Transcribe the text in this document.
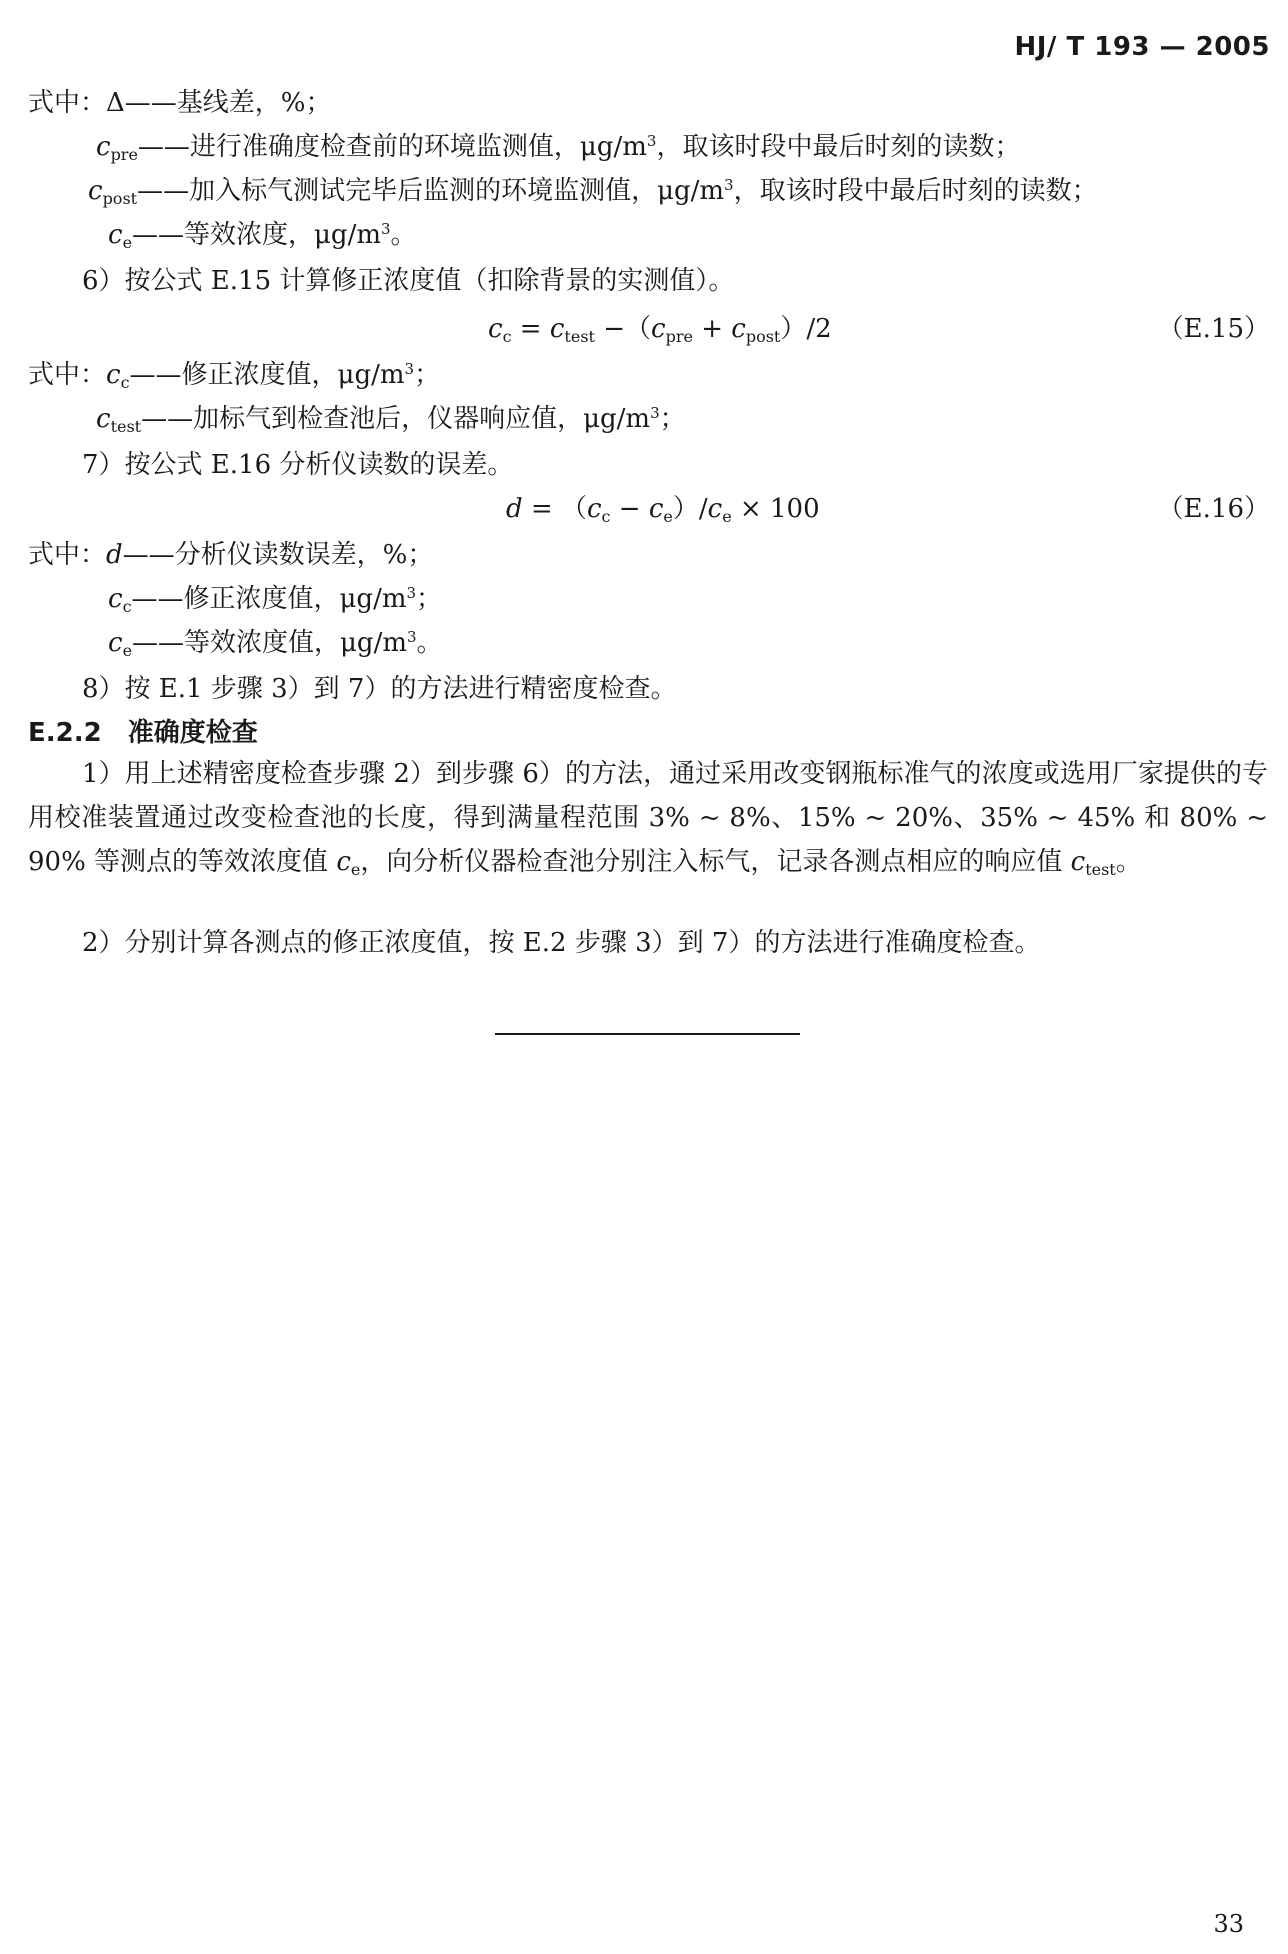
HJ/ T 193 — 2005
式中：Δ——基线差，%；
$c_{pre}——$进行准确度检查前的环境监测值，$\mu g/m^3$，取该时段中最后时刻的读数；
$c_{post}——$加入标气测试完毕后监测的环境监测值，$\mu g/m^3$，取该时段中最后时刻的读数；
$c_e——$等效浓度，$\mu g/m^3$。
6）按公式 E.15 计算修正浓度值（扣除背景的实测值）。
$c_c = c_{test} -(c_{pre} + c_{post})/2$	（E.15）
式中：$c_c——$修正浓度值，$\mu g/m^3$；
$c_{test}——$加标气到检查池后，仪器响应值，$\mu g/m^3$；
7）按公式 E.16 分析仪读数的误差。
$d = (c_c - c_e)/c_e \times 100$	（E.16）
式中：d——分析仪读数误差，%；
$c_c——$修正浓度值，$\mu g/m^3$；
$c_e——$等效浓度值，$\mu g/m^3$。
8）按 E.1 步骤 3）到 7）的方法进行精密度检查。
E.2.2 准确度检查
1）用上述精密度检查步骤 2）到步骤 6）的方法，通过采用改变钢瓶标准气的浓度或选用厂家提供的专用校准装置通过改变检查池的长度，得到满量程范围 3% ~ 8%、15% ~ 20%、35% ~ 45% 和 80% ~ 90% 等测点的等效浓度值 $c_e$，向分析仪器检查池分别注入标气，记录各测点相应的响应值 $c_{test}$。
2）分别计算各测点的修正浓度值，按 E.2 步骤 3）到 7）的方法进行准确度检查。
33
